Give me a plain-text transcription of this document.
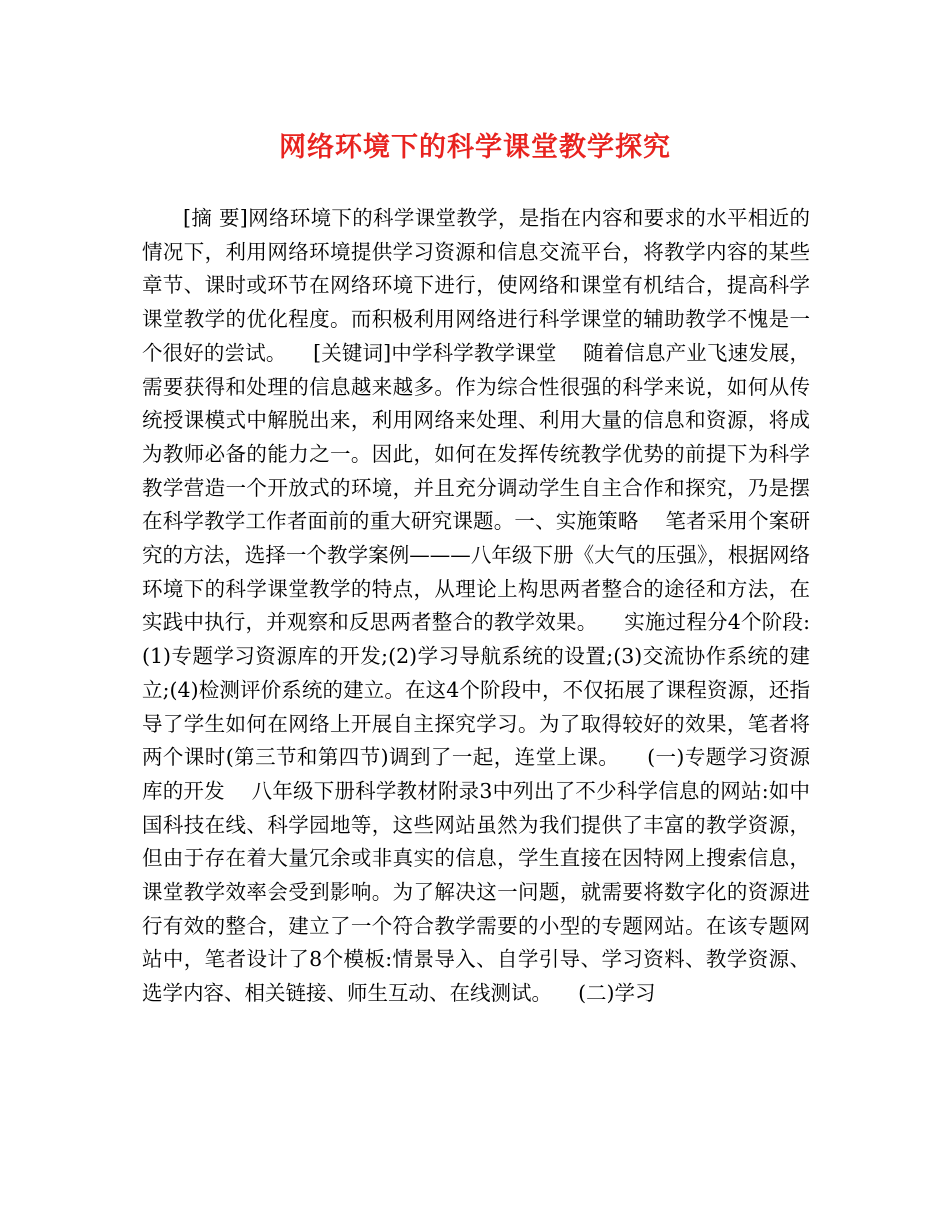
网络环境下的科学课堂教学探究

[摘 要]网络环境下的科学课堂教学，是指在内容和要求的水平相近的情况下，利用网络环境提供学习资源和信息交流平台，将教学内容的某些章节、课时或环节在网络环境下进行，使网络和课堂有机结合，提高科学课堂教学的优化程度。而积极利用网络进行科学课堂的辅助教学不愧是一个很好的尝试。    [关键词]中学科学教学课堂    随着信息产业飞速发展，需要获得和处理的信息越来越多。作为综合性很强的科学来说，如何从传统授课模式中解脱出来，利用网络来处理、利用大量的信息和资源，将成为教师必备的能力之一。因此，如何在发挥传统教学优势的前提下为科学教学营造一个开放式的环境，并且充分调动学生自主合作和探究，乃是摆在科学教学工作者面前的重大研究课题。一、实施策略    笔者采用个案研究的方法，选择一个教学案例———八年级下册《大气的压强》，根据网络环境下的科学课堂教学的特点，从理论上构思两者整合的途径和方法，在实践中执行，并观察和反思两者整合的教学效果。    实施过程分4个阶段:(1)专题学习资源库的开发;(2)学习导航系统的设置;(3)交流协作系统的建立;(4)检测评价系统的建立。在这4个阶段中，不仅拓展了课程资源，还指导了学生如何在网络上开展自主探究学习。为了取得较好的效果，笔者将两个课时(第三节和第四节)调到了一起，连堂上课。    (一)专题学习资源库的开发    八年级下册科学教材附录3中列出了不少科学信息的网站:如中国科技在线、科学园地等，这些网站虽然为我们提供了丰富的教学资源，但由于存在着大量冗余或非真实的信息，学生直接在因特网上搜索信息，课堂教学效率会受到影响。为了解决这一问题，就需要将数字化的资源进行有效的整合，建立了一个符合教学需要的小型的专题网站。在该专题网站中，笔者设计了8个模板:情景导入、自学引导、学习资料、教学资源、选学内容、相关链接、师生互动、在线测试。    (二)学习
